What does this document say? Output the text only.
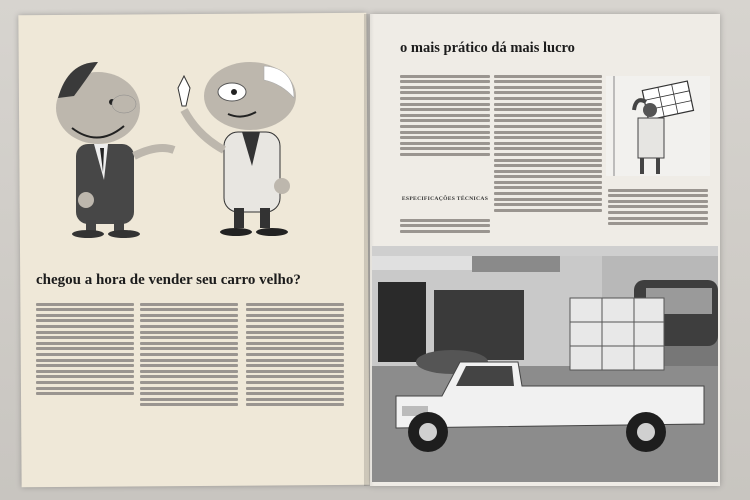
chegou a hora de vender seu carro velho?
o mais prático dá mais lucro
ESPECIFICAÇÕES TÉCNICAS
